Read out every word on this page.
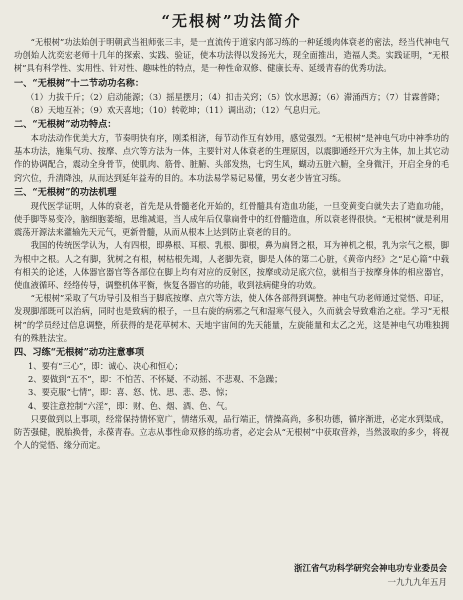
“无根树”功法简介

“无根树”功法始创于明朝武当祖师张三丰，是一直流传于道家内部习练的一种延缓肉体衰老的密法，经当代神电气功创始人沈奕宏老师十几年的探索、实践、验证，使本功法得以发扬光大，现全面推出，造福人类。实践证明，“无根树”具有科学性、实用性、针对性、趣味性的特点，是一种性命双修、健康长寿、延缓青春的优秀功法。

一、“无根树”十二节动功名称：

（1）力拔千斤；（2）启动能源；（3）摇星摆月；（4）扣击关窍；（5）饮水思源；（6）滞涌西方；（7）甘霖普降；（8）天地互补；（9）欢天喜地；（10）转乾坤；（11）调出动；（12）气息归元。

二、“无根树”动功特点：

本功法动作优美大方，节奏明快有序，刚柔相济，每节动作互有妙用，感觉强烈。“无根树”是神电气功中神季功的基本功法，施集气功、按摩、点穴等方法为一体，主要针对人体衰老的生理原因，以震脚通经开穴为主体，加上其它动作的协调配合，震动全身骨节，使肌肉、筋骨、脏腑、头部发热，七窍生风，蝴动五脏六腑，全身微汗，开启全身的毛窍穴位，升清降浊，从而达到延年益寿的目的。本功法易学易记易懂，男女老少皆宜习练。

三、“无根树”的功法机理

现代医学证明，人体的衰老，首先是从骨髓老化开始的，红骨髓具有造血功能，一旦变黄变白就失去了造血功能，使手脚等易变冷，脑细胞萎缩，思维减退，当人成年后仅靠扁骨中的红骨髓造血，所以衰老得很快。“无根树”就是利用震荡开源法来灌输先天元气，更新骨髓，从而从根本上达到防止衰老的目的。

我国的传统医学认为，人有四根，即鼻根、耳根、乳根、脚根，鼻为扁肾之根，耳为神机之根，乳为宗气之根，脚为根中之根。人之有脚，犹树之有根，树枯根先竭，人老脚先衰，脚是人体的第二心脏，《黄帝内经》之“足心篇”中载有相关的论述，人体器官器官等各部位在脚上均有对应的反射区，按摩或动足底穴位，就相当于按摩身体的相应器官，使血液循环、经络传导，调整机体平衡，恢复各器官的功能，收到祛病健身的功效。

“无根树”采取了气功导引及相当于脚底按摩、点穴等方法，使人体各部得到调整。神电气功老师通过觉悟、印证，发现脚部既可以治病，同时也是致病的根子，一旦右旋的病邪之气和湿寒气侵入，久而就会导致难治之症。学习“无根树”的学员经过信息调整，所获得的是花草树木、天地宇宙间的先天能量，左旋能量和太乙之光，这是神电气功唯独拥有的殊胜法宝。

四、习练“无根树”动功注意事项
1、要有“三心”，即：诚心、决心和恒心；
2、要做到“五不”，即：不怕苦、不怀疑、不动摇、不悲观、不急躁；
3、要克服“七情”，即：喜、怒、忧、思、悲、恐、惊；
4、要注意控制“六淫”，即：财、色、烟、酒、色、气。

只要做到以上事项，经常保持情怀宽广，情绪乐观，品行端正，情操高尚，多积功德，循序渐进，必定水到渠成，防苦强健，脱胎换骨，永葆青春。立志从事性命双修的练功者，必定会从“无根树”中获取营养，当然汲取的多少，将视个人的觉悟、缘分而定。

浙江省气功科学研究会神电功专业委员会
一九九九年五月
